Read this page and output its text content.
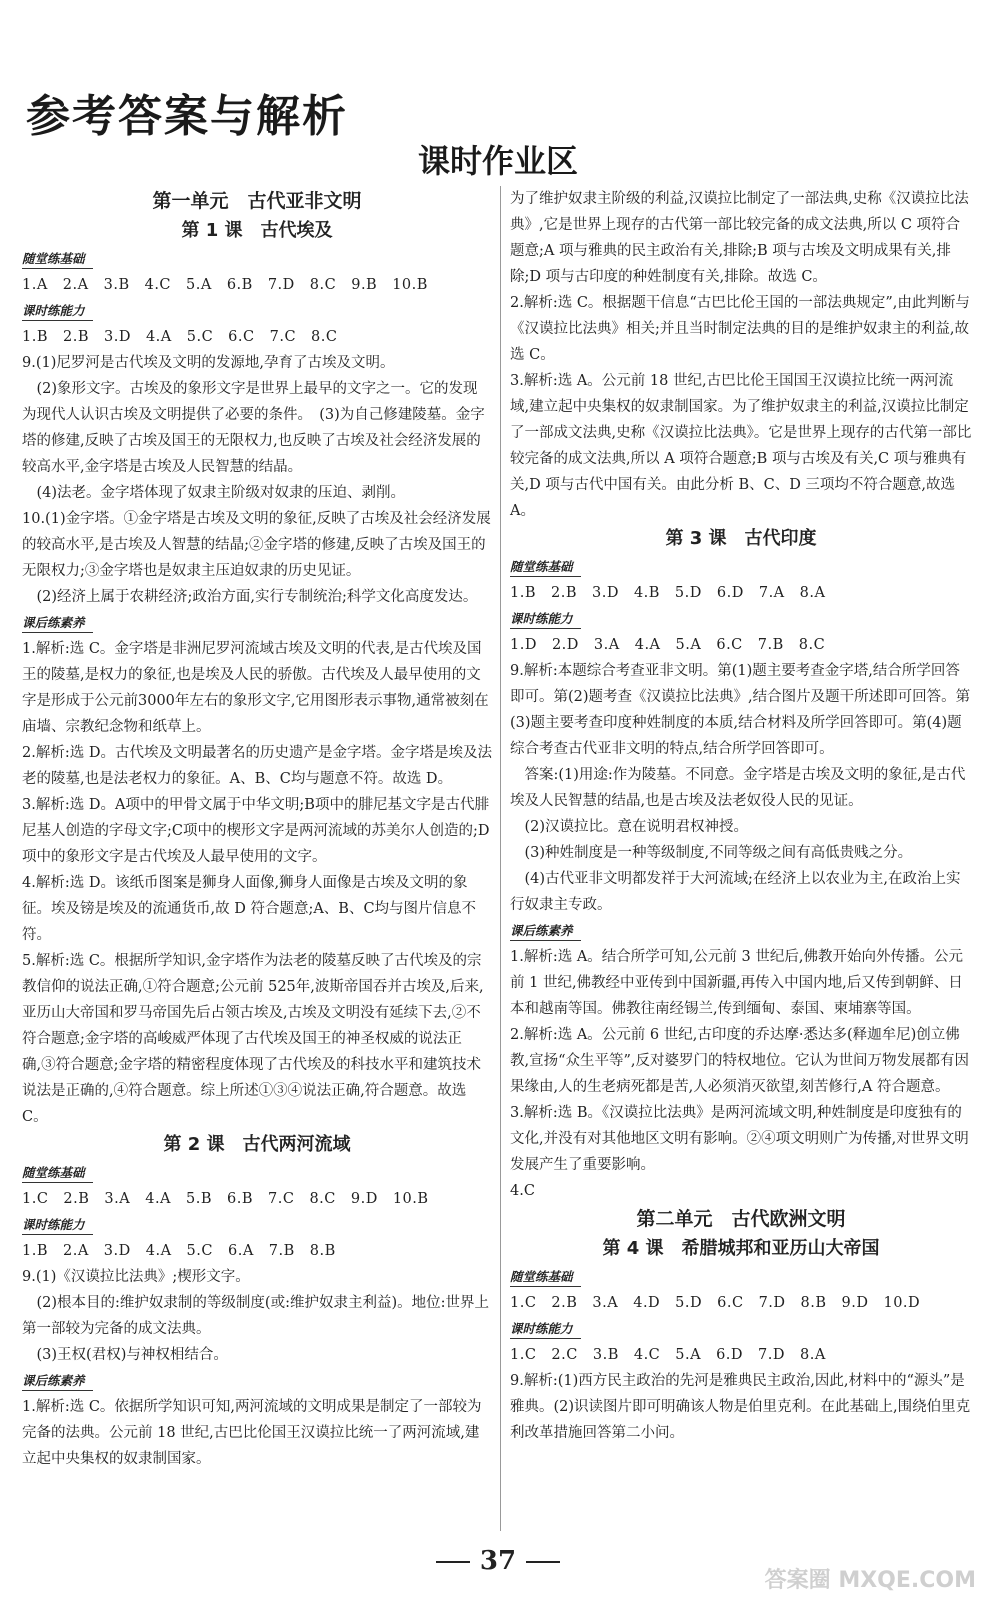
参考答案与解析
课时作业区

第一单元　古代亚非文明

第 1 课　古代埃及

随堂练基础

1.A　2.A　3.B　4.C　5.A　6.B　7.D　8.C　9.B　10.B

课时练能力

1.B　2.B　3.D　4.A　5.C　6.C　7.C　8.C

9.(1)尼罗河是古代埃及文明的发源地,孕育了古埃及文明。

　(2)象形文字。古埃及的象形文字是世界上最早的文字之一。它的发现为现代人认识古埃及文明提供了必要的条件。　(3)为自己修建陵墓。金字塔的修建,反映了古埃及国王的无限权力,也反映了古埃及社会经济发展的较高水平,金字塔是古埃及人民智慧的结晶。

　(4)法老。金字塔体现了奴隶主阶级对奴隶的压迫、剥削。

10.(1)金字塔。①金字塔是古埃及文明的象征,反映了古埃及社会经济发展的较高水平,是古埃及人智慧的结晶;②金字塔的修建,反映了古埃及国王的无限权力;③金字塔也是奴隶主压迫奴隶的历史见证。

　(2)经济上属于农耕经济;政治方面,实行专制统治;科学文化高度发达。

课后练素养

1.解析:选 C。金字塔是非洲尼罗河流域古埃及文明的代表,是古代埃及国王的陵墓,是权力的象征,也是埃及人民的骄傲。古代埃及人最早使用的文字是形成于公元前3000年左右的象形文字,它用图形表示事物,通常被刻在庙墙、宗教纪念物和纸草上。

2.解析:选 D。古代埃及文明最著名的历史遗产是金字塔。金字塔是埃及法老的陵墓,也是法老权力的象征。A、B、C均与题意不符。故选 D。

3.解析:选 D。A项中的甲骨文属于中华文明;B项中的腓尼基文字是古代腓尼基人创造的字母文字;C项中的楔形文字是两河流域的苏美尔人创造的;D项中的象形文字是古代埃及人最早使用的文字。

4.解析:选 D。该纸币图案是狮身人面像,狮身人面像是古埃及文明的象征。埃及镑是埃及的流通货币,故 D 符合题意;A、B、C均与图片信息不符。

5.解析:选 C。根据所学知识,金字塔作为法老的陵墓反映了古代埃及的宗教信仰的说法正确,①符合题意;公元前 525年,波斯帝国吞并古埃及,后来,亚历山大帝国和罗马帝国先后占领古埃及,古埃及文明没有延续下去,②不符合题意;金字塔的高峻威严体现了古代埃及国王的神圣权威的说法正确,③符合题意;金字塔的精密程度体现了古代埃及的科技水平和建筑技术说法是正确的,④符合题意。综上所述①③④说法正确,符合题意。故选 C。

第 2 课　古代两河流域

随堂练基础

1.C　2.B　3.A　4.A　5.B　6.B　7.C　8.C　9.D　10.B

课时练能力

1.B　2.A　3.D　4.A　5.C　6.A　7.B　8.B

9.(1)《汉谟拉比法典》;楔形文字。

　(2)根本目的:维护奴隶制的等级制度(或:维护奴隶主利益)。地位:世界上第一部较为完备的成文法典。

　(3)王权(君权)与神权相结合。

课后练素养

1.解析:选 C。依据所学知识可知,两河流域的文明成果是制定了一部较为完备的法典。公元前 18 世纪,古巴比伦国王汉谟拉比统一了两河流域,建立起中央集权的奴隶制国家。

为了维护奴隶主阶级的利益,汉谟拉比制定了一部法典,史称《汉谟拉比法典》,它是世界上现存的古代第一部比较完备的成文法典,所以 C 项符合题意;A 项与雅典的民主政治有关,排除;B 项与古埃及文明成果有关,排除;D 项与古印度的种姓制度有关,排除。故选 C。

2.解析:选 C。根据题干信息“古巴比伦王国的一部法典规定”,由此判断与《汉谟拉比法典》相关;并且当时制定法典的目的是维护奴隶主的利益,故选 C。

3.解析:选 A。公元前 18 世纪,古巴比伦王国国王汉谟拉比统一两河流域,建立起中央集权的奴隶制国家。为了维护奴隶主的利益,汉谟拉比制定了一部成文法典,史称《汉谟拉比法典》。它是世界上现存的古代第一部比较完备的成文法典,所以 A 项符合题意;B 项与古埃及有关,C 项与雅典有关,D 项与古代中国有关。由此分析 B、C、D 三项均不符合题意,故选 A。

第 3 课　古代印度

随堂练基础

1.B　2.B　3.D　4.B　5.D　6.D　7.A　8.A

课时练能力

1.D　2.D　3.A　4.A　5.A　6.C　7.B　8.C

9.解析:本题综合考查亚非文明。第(1)题主要考查金字塔,结合所学回答即可。第(2)题考查《汉谟拉比法典》,结合图片及题干所述即可回答。第(3)题主要考查印度种姓制度的本质,结合材料及所学回答即可。第(4)题综合考查古代亚非文明的特点,结合所学回答即可。

　答案:(1)用途:作为陵墓。不同意。金字塔是古埃及文明的象征,是古代埃及人民智慧的结晶,也是古埃及法老奴役人民的见证。

　(2)汉谟拉比。意在说明君权神授。

　(3)种姓制度是一种等级制度,不同等级之间有高低贵贱之分。

　(4)古代亚非文明都发祥于大河流域;在经济上以农业为主,在政治上实行奴隶主专政。

课后练素养

1.解析:选 A。结合所学可知,公元前 3 世纪后,佛教开始向外传播。公元前 1 世纪,佛教经中亚传到中国新疆,再传入中国内地,后又传到朝鲜、日本和越南等国。佛教往南经锡兰,传到缅甸、泰国、柬埔寨等国。

2.解析:选 A。公元前 6 世纪,古印度的乔达摩·悉达多(释迦牟尼)创立佛教,宣扬“众生平等”,反对婆罗门的特权地位。它认为世间万物发展都有因果缘由,人的生老病死都是苦,人必须消灭欲望,刻苦修行,A 符合题意。

3.解析:选 B。《汉谟拉比法典》是两河流域文明,种姓制度是印度独有的文化,并没有对其他地区文明有影响。②④项文明则广为传播,对世界文明发展产生了重要影响。

4.C

第二单元　古代欧洲文明

第 4 课　希腊城邦和亚历山大帝国

随堂练基础

1.C　2.B　3.A　4.D　5.D　6.C　7.D　8.B　9.D　10.D

课时练能力

1.C　2.C　3.B　4.C　5.A　6.D　7.D　8.A

9.解析:(1)西方民主政治的先河是雅典民主政治,因此,材料中的“源头”是雅典。(2)识读图片即可明确该人物是伯里克利。在此基础上,围绕伯里克利改革措施回答第二小问。

37
答案圈 MXQE.COM
